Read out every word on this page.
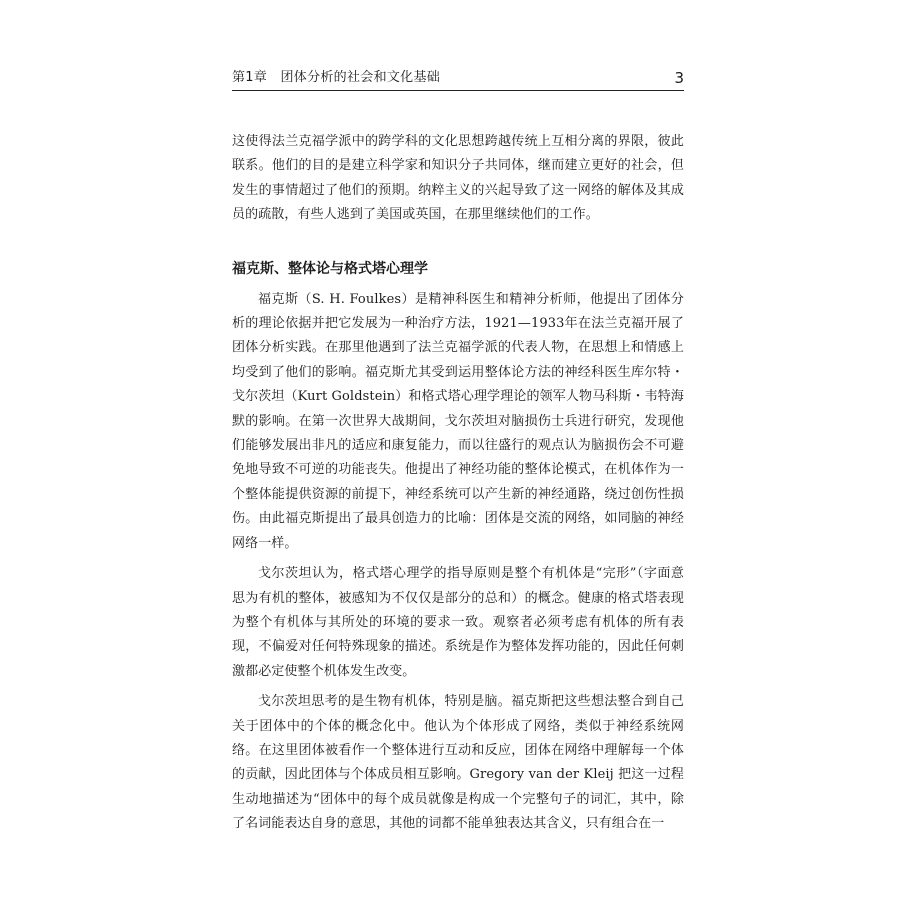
第1章　团体分析的社会和文化基础	3

这使得法兰克福学派中的跨学科的文化思想跨越传统上互相分离的界限，彼此联系。他们的目的是建立科学家和知识分子共同体，继而建立更好的社会，但发生的事情超过了他们的预期。纳粹主义的兴起导致了这一网络的解体及其成员的疏散，有些人逃到了美国或英国，在那里继续他们的工作。

福克斯、整体论与格式塔心理学

福克斯（S. H. Foulkes）是精神科医生和精神分析师，他提出了团体分析的理论依据并把它发展为一种治疗方法，1921—1933年在法兰克福开展了团体分析实践。在那里他遇到了法兰克福学派的代表人物，在思想上和情感上均受到了他们的影响。福克斯尤其受到运用整体论方法的神经科医生库尔特・戈尔茨坦（Kurt Goldstein）和格式塔心理学理论的领军人物马科斯・韦特海默的影响。在第一次世界大战期间，戈尔茨坦对脑损伤士兵进行研究，发现他们能够发展出非凡的适应和康复能力，而以往盛行的观点认为脑损伤会不可避免地导致不可逆的功能丧失。他提出了神经功能的整体论模式，在机体作为一个整体能提供资源的前提下，神经系统可以产生新的神经通路，绕过创伤性损伤。由此福克斯提出了最具创造力的比喻：团体是交流的网络，如同脑的神经网络一样。

戈尔茨坦认为，格式塔心理学的指导原则是整个有机体是“完形”（字面意思为有机的整体，被感知为不仅仅是部分的总和）的概念。健康的格式塔表现为整个有机体与其所处的环境的要求一致。观察者必须考虑有机体的所有表现，不偏爱对任何特殊现象的描述。系统是作为整体发挥功能的，因此任何刺激都必定使整个机体发生改变。

戈尔茨坦思考的是生物有机体，特别是脑。福克斯把这些想法整合到自己关于团体中的个体的概念化中。他认为个体形成了网络，类似于神经系统网络。在这里团体被看作一个整体进行互动和反应，团体在网络中理解每一个体的贡献，因此团体与个体成员相互影响。Gregory van der Kleij 把这一过程生动地描述为“团体中的每个成员就像是构成一个完整句子的词汇，其中，除了名词能表达自身的意思，其他的词都不能单独表达其含义，只有组合在一
